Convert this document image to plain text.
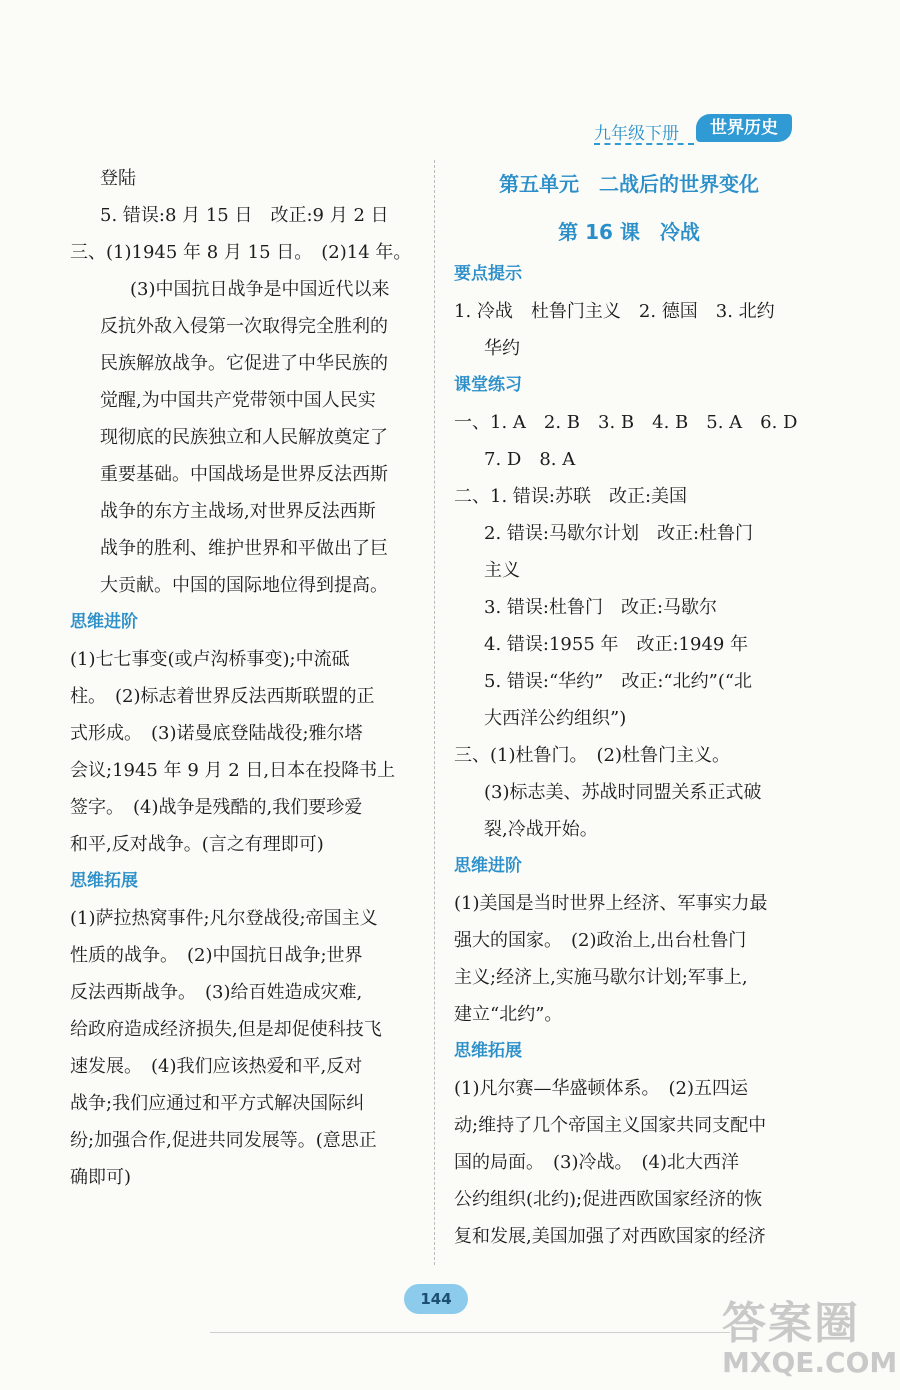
九年级下册	世界历史
登陆
5. 错误:8 月 15 日　改正:9 月 2 日
三、(1)1945 年 8 月 15 日。　(2)14 年。
(3)中国抗日战争是中国近代以来
反抗外敌入侵第一次取得完全胜利的
民族解放战争。它促进了中华民族的
觉醒,为中国共产党带领中国人民实
现彻底的民族独立和人民解放奠定了
重要基础。中国战场是世界反法西斯
战争的东方主战场,对世界反法西斯
战争的胜利、维护世界和平做出了巨
大贡献。中国的国际地位得到提高。
思维进阶
(1)七七事变(或卢沟桥事变);中流砥
柱。　(2)标志着世界反法西斯联盟的正
式形成。　(3)诺曼底登陆战役;雅尔塔
会议;1945 年 9 月 2 日,日本在投降书上
签字。　(4)战争是残酷的,我们要珍爱
和平,反对战争。(言之有理即可)
思维拓展
(1)萨拉热窝事件;凡尔登战役;帝国主义
性质的战争。　(2)中国抗日战争;世界
反法西斯战争。　(3)给百姓造成灾难,
给政府造成经济损失,但是却促使科技飞
速发展。　(4)我们应该热爱和平,反对
战争;我们应通过和平方式解决国际纠
纷;加强合作,促进共同发展等。(意思正
确即可)
第五单元　二战后的世界变化
第 16 课　冷战
要点提示
1. 冷战　杜鲁门主义　2. 德国　3. 北约
华约
课堂练习
一、1. A　2. B　3. B　4. B　5. A　6. D
7. D　8. A
二、1. 错误:苏联　改正:美国
2. 错误:马歇尔计划　改正:杜鲁门
主义
3. 错误:杜鲁门　改正:马歇尔
4. 错误:1955 年　改正:1949 年
5. 错误:“华约”　改正:“北约”(“北
大西洋公约组织”)
三、(1)杜鲁门。　(2)杜鲁门主义。
(3)标志美、苏战时同盟关系正式破
裂,冷战开始。
思维进阶
(1)美国是当时世界上经济、军事实力最
强大的国家。　(2)政治上,出台杜鲁门
主义;经济上,实施马歇尔计划;军事上,
建立“北约”。
思维拓展
(1)凡尔赛—华盛顿体系。　(2)五四运
动;维持了几个帝国主义国家共同支配中
国的局面。　(3)冷战。　(4)北大西洋
公约组织(北约);促进西欧国家经济的恢
复和发展,美国加强了对西欧国家的经济
144	答案圈
MXQE.COM
